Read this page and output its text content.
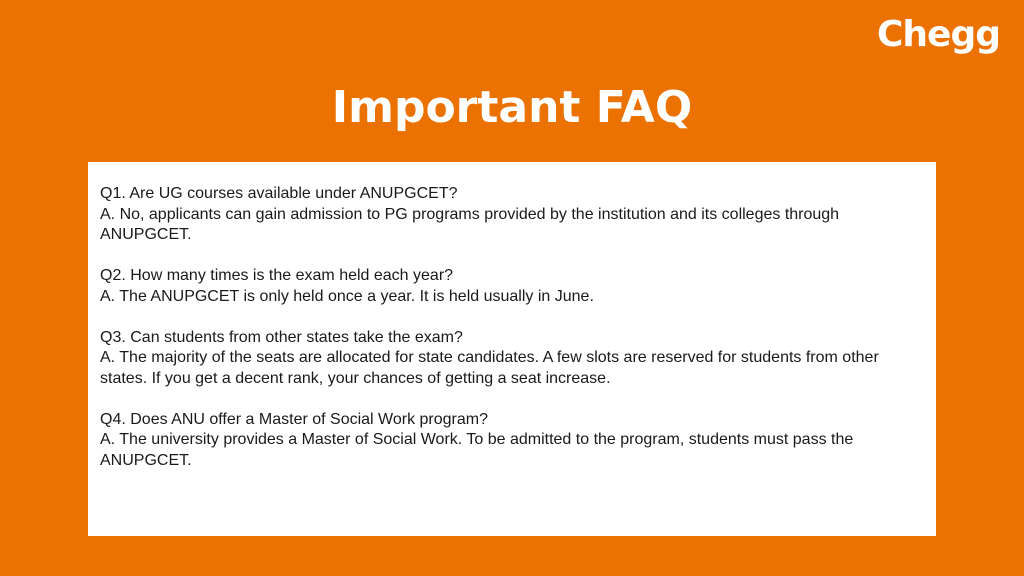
Chegg
Important FAQ

Q1. Are UG courses available under ANUPGCET?

A. No, applicants can gain admission to PG programs provided by the institution and its colleges through ANUPGCET.

Q2. How many times is the exam held each year?

A. The ANUPGCET is only held once a year. It is held usually in June.

Q3. Can students from other states take the exam?

A. The majority of the seats are allocated for state candidates. A few slots are reserved for students from other states. If you get a decent rank, your chances of getting a seat increase.

Q4. Does ANU offer a Master of Social Work program?

A. The university provides a Master of Social Work. To be admitted to the program, students must pass the ANUPGCET.
